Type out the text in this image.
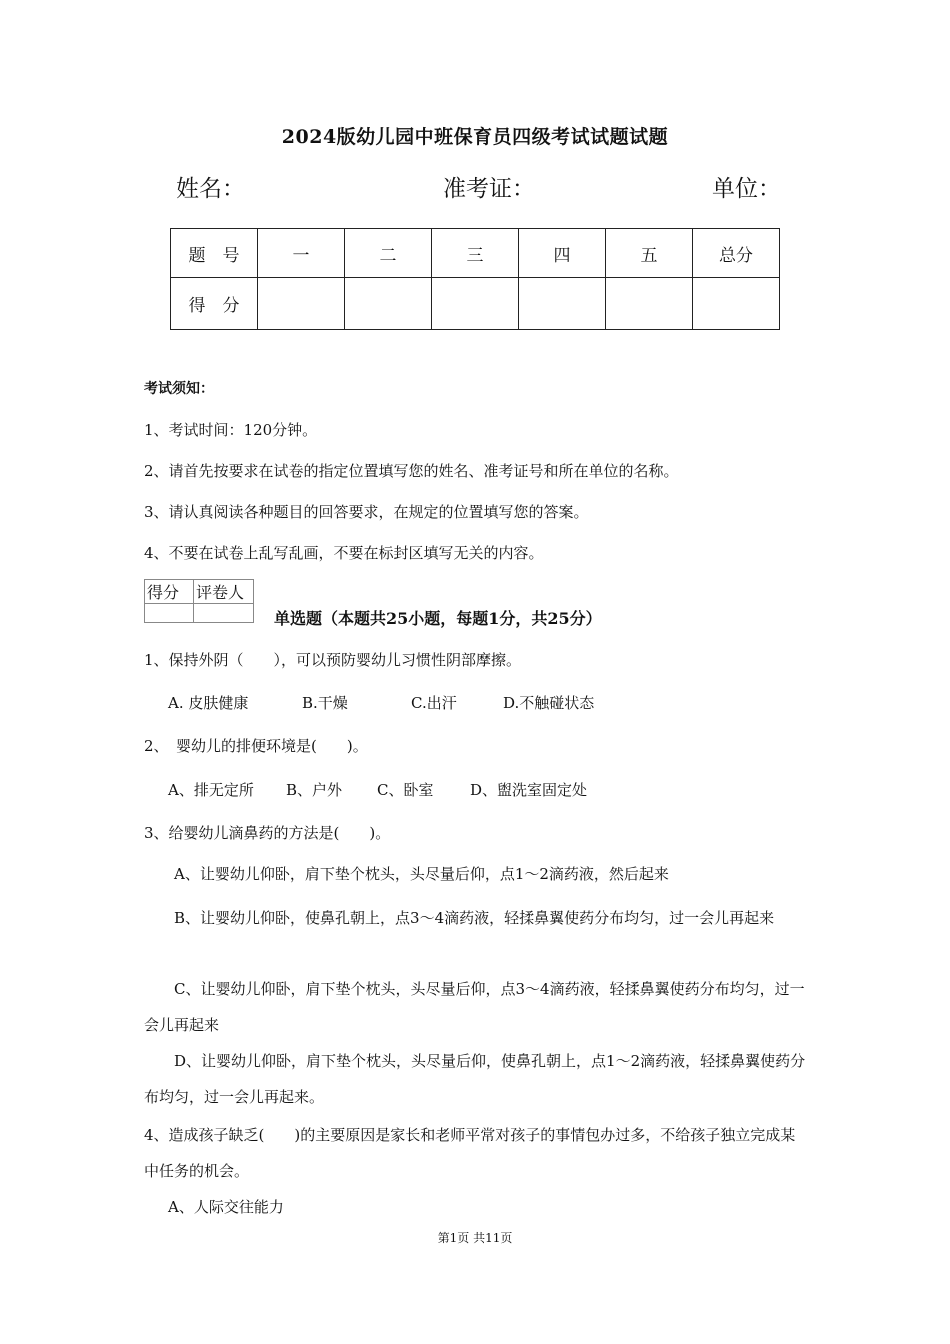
2024版幼儿园中班保育员四级考试试题试题
姓名：	准考证：	单位：
题　号	一	二	三	四	五	总分
得　分						
考试须知：
1、考试时间：120分钟。
2、请首先按要求在试卷的指定位置填写您的姓名、准考证号和所在单位的名称。
3、请认真阅读各种题目的回答要求，在规定的位置填写您的答案。
4、不要在试卷上乱写乱画，不要在标封区填写无关的内容。
得分	评卷人

单选题（本题共25小题，每题1分，共25分）
1、保持外阴（　　），可以预防婴幼儿习惯性阴部摩擦。
A. 皮肤健康	B.干燥	C.出汗	D.不触碰状态
2、　婴幼儿的排便环境是(　　)。
A、排无定所 B、户外 C、卧室 D、盥洗室固定处
3、给婴幼儿滴鼻药的方法是(　　)。
A、让婴幼儿仰卧，肩下垫个枕头，头尽量后仰，点1～2滴药液，然后起来
B、让婴幼儿仰卧，使鼻孔朝上，点3～4滴药液，轻揉鼻翼使药分布均匀，过一会儿再起来
C、让婴幼儿仰卧，肩下垫个枕头，头尽量后仰，点3～4滴药液，轻揉鼻翼使药分布均匀，过一会儿再起来
D、让婴幼儿仰卧，肩下垫个枕头，头尽量后仰，使鼻孔朝上，点1～2滴药液，轻揉鼻翼使药分布均匀，过一会儿再起来。
4、造成孩子缺乏(　　)的主要原因是家长和老师平常对孩子的事情包办过多，不给孩子独立完成某中任务的机会。
A、人际交往能力
第1页 共11页
